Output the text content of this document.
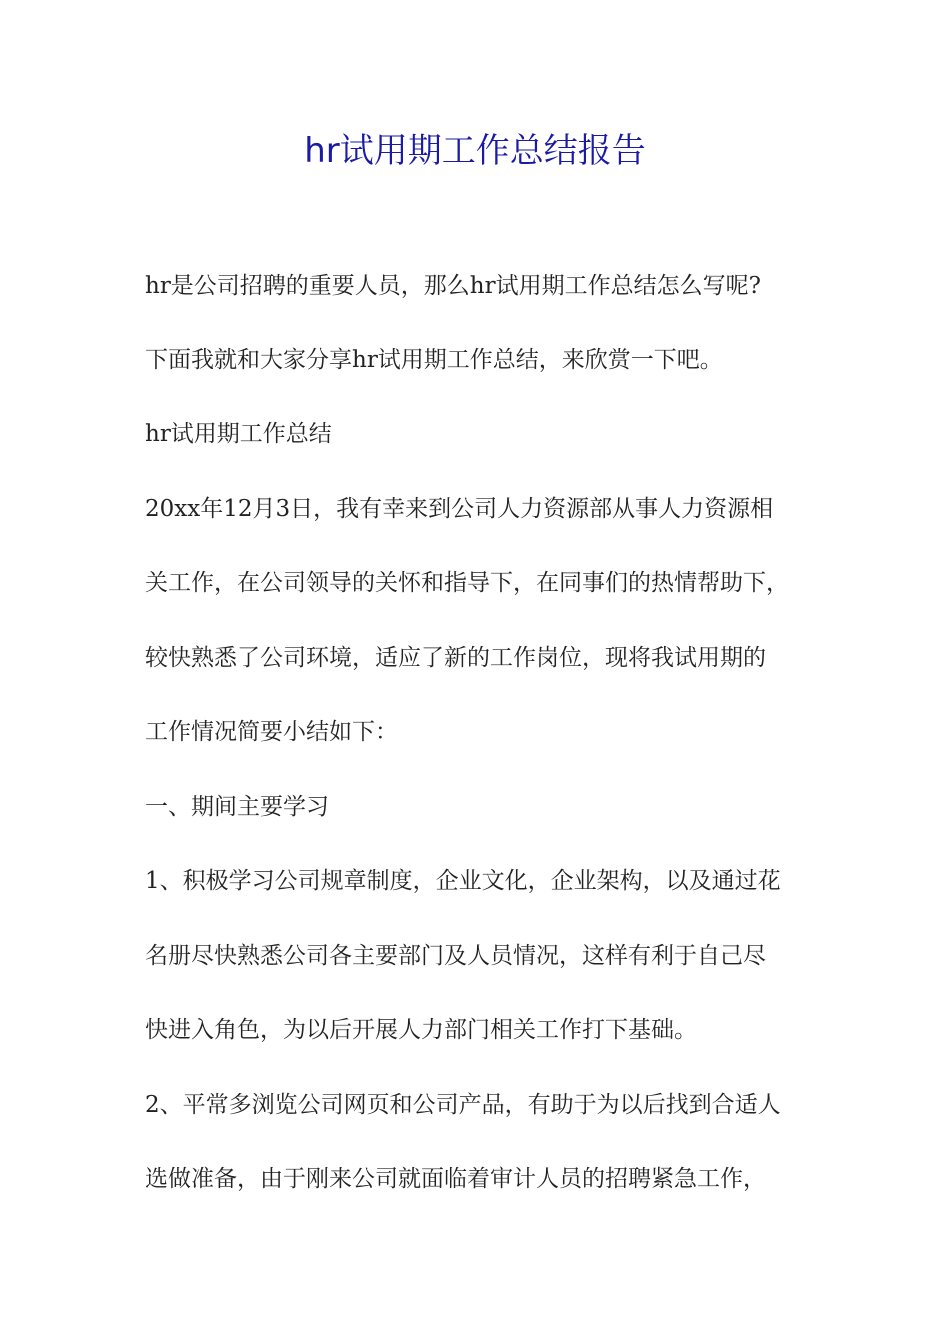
hr试用期工作总结报告

hr是公司招聘的重要人员，那么hr试用期工作总结怎么写呢?

下面我就和大家分享hr试用期工作总结，来欣赏一下吧。

hr试用期工作总结

20xx年12月3日，我有幸来到公司人力资源部从事人力资源相

关工作，在公司领导的关怀和指导下，在同事们的热情帮助下，

较快熟悉了公司环境，适应了新的工作岗位，现将我试用期的

工作情况简要小结如下：

一、期间主要学习

1、积极学习公司规章制度，企业文化，企业架构，以及通过花

名册尽快熟悉公司各主要部门及人员情况，这样有利于自己尽

快进入角色，为以后开展人力部门相关工作打下基础。

2、平常多浏览公司网页和公司产品，有助于为以后找到合适人

选做准备，由于刚来公司就面临着审计人员的招聘紧急工作，
